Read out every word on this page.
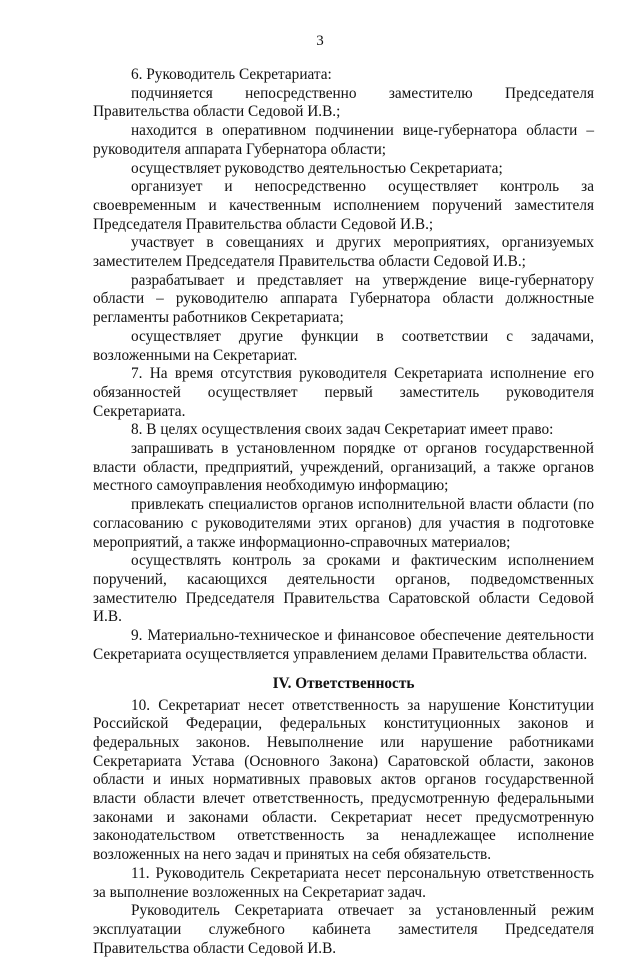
3

6. Руководитель Секретариата:

подчиняется непосредственно заместителю Председателя Правительства области Седовой И.В.;

находится в оперативном подчинении вице-губернатора области – руководителя аппарата Губернатора области;

осуществляет руководство деятельностью Секретариата;

организует и непосредственно осуществляет контроль за своевременным и качественным исполнением поручений заместителя Председателя Правительства области Седовой И.В.;

участвует в совещаниях и других мероприятиях, организуемых заместителем Председателя Правительства области Седовой И.В.;

разрабатывает и представляет на утверждение вице-губернатору области – руководителю аппарата Губернатора области должностные регламенты работников Секретариата;

осуществляет другие функции в соответствии с задачами, возложенными на Секретариат.

7. На время отсутствия руководителя Секретариата исполнение его обязанностей осуществляет первый заместитель руководителя Секретариата.

8. В целях осуществления своих задач Секретариат имеет право:

запрашивать в установленном порядке от органов государственной власти области, предприятий, учреждений, организаций, а также органов местного самоуправления необходимую информацию;

привлекать специалистов органов исполнительной власти области (по согласованию с руководителями этих органов) для участия в подготовке мероприятий, а также информационно-справочных материалов;

осуществлять контроль за сроками и фактическим исполнением поручений, касающихся деятельности органов, подведомственных заместителю Председателя Правительства Саратовской области Седовой И.В.

9. Материально-техническое и финансовое обеспечение деятельности Секретариата осуществляется управлением делами Правительства области.

IV. Ответственность

10. Секретариат несет ответственность за нарушение Конституции Российской Федерации, федеральных конституционных законов и федеральных законов. Невыполнение или нарушение работниками Секретариата Устава (Основного Закона) Саратовской области, законов области и иных нормативных правовых актов органов государственной власти области влечет ответственность, предусмотренную федеральными законами и законами области. Секретариат несет предусмотренную законодательством ответственность за ненадлежащее исполнение возложенных на него задач и принятых на себя обязательств.

11. Руководитель Секретариата несет персональную ответственность за выполнение возложенных на Секретариат задач.

Руководитель Секретариата отвечает за установленный режим эксплуатации служебного кабинета заместителя Председателя Правительства области Седовой И.В.
